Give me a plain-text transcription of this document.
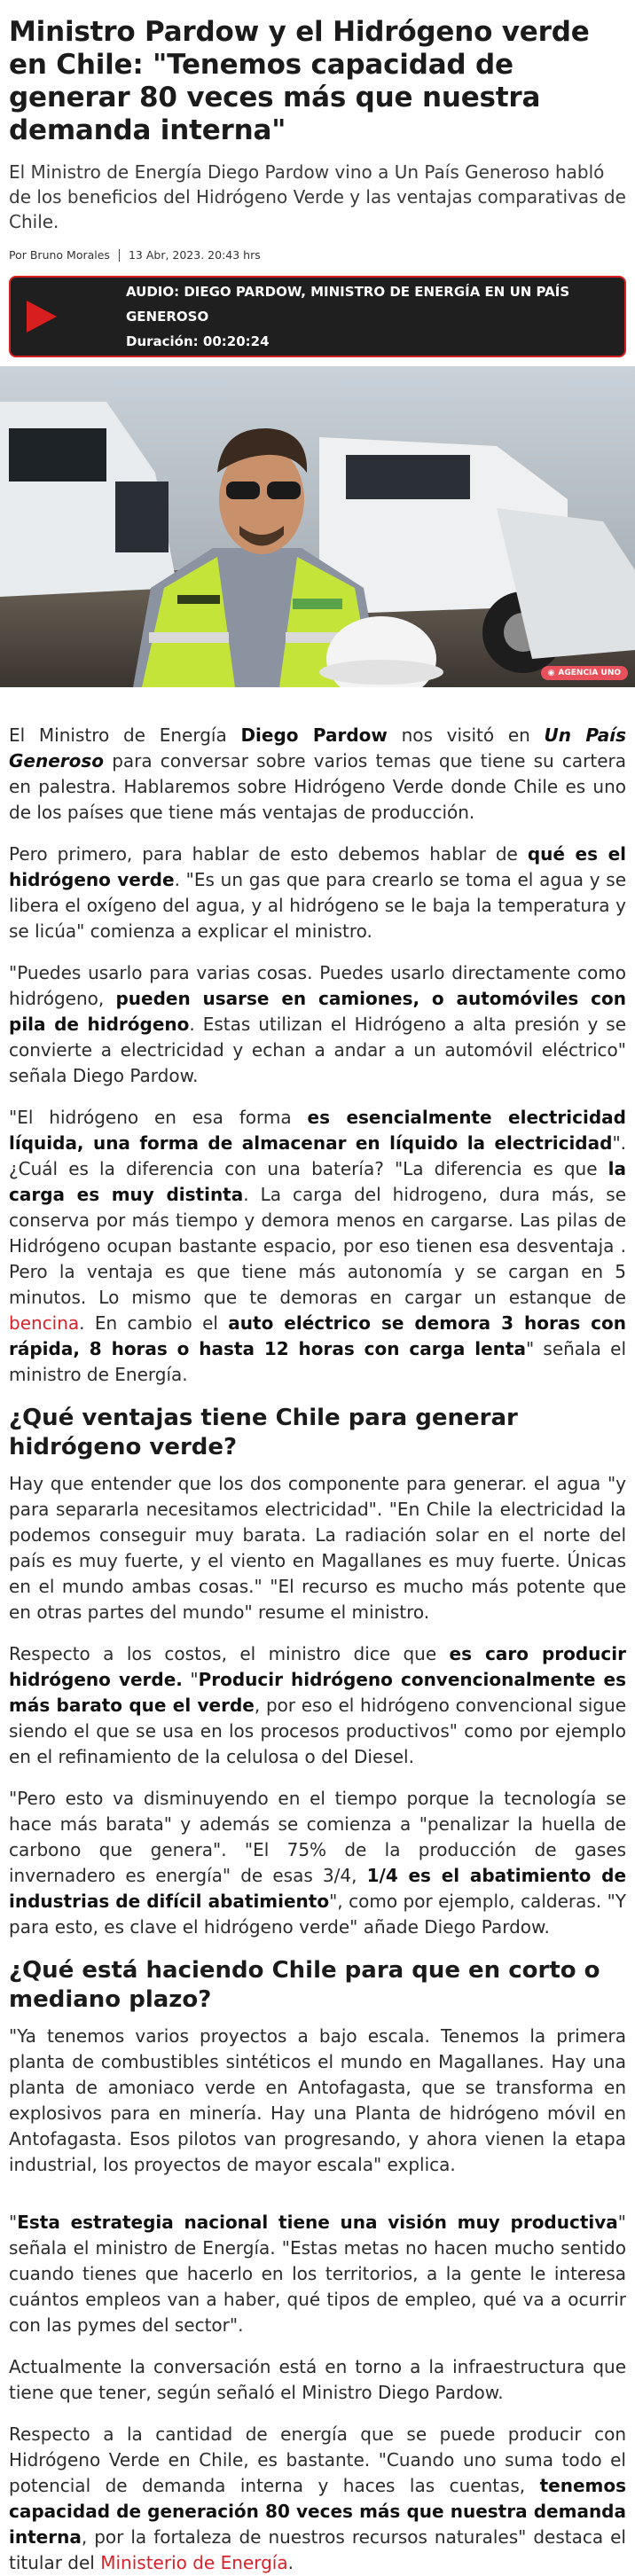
Ministro Pardow y el Hidrógeno verde en Chile: "Tenemos capacidad de generar 80 veces más que nuestra demanda interna"

El Ministro de Energía Diego Pardow vino a Un País Generoso habló de los beneficios del Hidrógeno Verde y las ventajas comparativas de Chile.

Por Bruno Morales 13 Abr, 2023. 20:43 hrs
AUDIO: DIEGO PARDOW, MINISTRO DE ENERGÍA EN UN PAÍS GENEROSO
Duración: 00:20:24
◉ AGENCIA UNO

El Ministro de Energía Diego Pardow nos visitó en Un País Generoso para conversar sobre varios temas que tiene su cartera en palestra. Hablaremos sobre Hidrógeno Verde donde Chile es uno de los países que tiene más ventajas de producción.

Pero primero, para hablar de esto debemos hablar de qué es el hidrógeno verde. "Es un gas que para crearlo se toma el agua y se libera el oxígeno del agua, y al hidrógeno se le baja la temperatura y se licúa" comienza a explicar el ministro.

"Puedes usarlo para varias cosas. Puedes usarlo directamente como hidrógeno, pueden usarse en camiones, o automóviles con pila de hidrógeno. Estas utilizan el Hidrógeno a alta presión y se convierte a electricidad y echan a andar a un automóvil eléctrico" señala Diego Pardow.

"El hidrógeno en esa forma es esencialmente electricidad líquida, una forma de almacenar en líquido la electricidad". ¿Cuál es la diferencia con una batería? "La diferencia es que la carga es muy distinta. La carga del hidrogeno, dura más, se conserva por más tiempo y demora menos en cargarse. Las pilas de Hidrógeno ocupan bastante espacio, por eso tienen esa desventaja . Pero la ventaja es que tiene más autonomía y se cargan en 5 minutos. Lo mismo que te demoras en cargar un estanque de bencina. En cambio el auto eléctrico se demora 3 horas con rápida, 8 horas o hasta 12 horas con carga lenta" señala el ministro de Energía.

¿Qué ventajas tiene Chile para generar hidrógeno verde?

Hay que entender que los dos componente para generar. el agua "y para separarla necesitamos electricidad". "En Chile la electricidad la podemos conseguir muy barata. La radiación solar en el norte del país es muy fuerte, y el viento en Magallanes es muy fuerte. Únicas en el mundo ambas cosas." "El recurso es mucho más potente que en otras partes del mundo" resume el ministro.

Respecto a los costos, el ministro dice que es caro producir hidrógeno verde. "Producir hidrógeno convencionalmente es más barato que el verde, por eso el hidrógeno convencional sigue siendo el que se usa en los procesos productivos" como por ejemplo en el refinamiento de la celulosa o del Diesel.

"Pero esto va disminuyendo en el tiempo porque la tecnología se hace más barata" y además se comienza a "penalizar la huella de carbono que genera". "El 75% de la producción de gases invernadero es energía" de esas 3/4, 1/4 es el abatimiento de industrias de difícil abatimiento", como por ejemplo, calderas. "Y para esto, es clave el hidrógeno verde" añade Diego Pardow.

¿Qué está haciendo Chile para que en corto o mediano plazo?

"Ya tenemos varios proyectos a bajo escala. Tenemos la primera planta de combustibles sintéticos el mundo en Magallanes. Hay una planta de amoniaco verde en Antofagasta, que se transforma en explosivos para en minería. Hay una Planta de hidrógeno móvil en Antofagasta. Esos pilotos van progresando, y ahora vienen la etapa industrial, los proyectos de mayor escala" explica.

"Esta estrategia nacional tiene una visión muy productiva" señala el ministro de Energía. "Estas metas no hacen mucho sentido cuando tienes que hacerlo en los territorios, a la gente le interesa cuántos empleos van a haber, qué tipos de empleo, qué va a ocurrir con las pymes del sector".

Actualmente la conversación está en torno a la infraestructura que tiene que tener, según señaló el Ministro Diego Pardow.

Respecto a la cantidad de energía que se puede producir con Hidrógeno Verde en Chile, es bastante. "Cuando uno suma todo el potencial de demanda interna y haces las cuentas, tenemos capacidad de generación 80 veces más que nuestra demanda interna, por la fortaleza de nuestros recursos naturales" destaca el titular del Ministerio de Energía.
